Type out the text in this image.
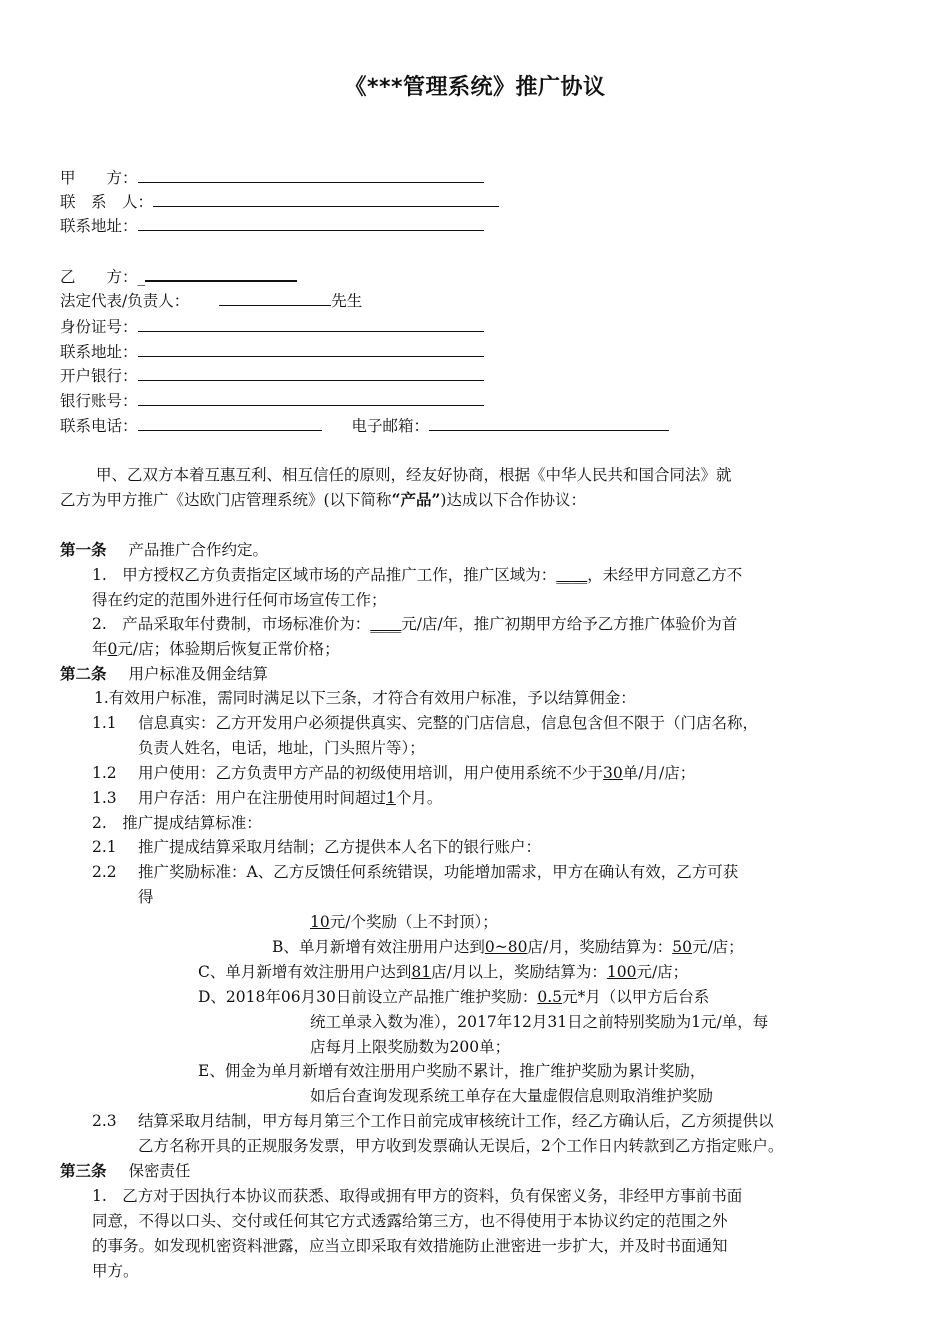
《***管理系统》推广协议
甲　　方：
联　系　人：
联系地址：
乙　　方：_
法定代表/负责人：	先生
身份证号：
联系地址：
开户银行：
银行账号：
联系电话：	电子邮箱：
甲、乙双方本着互惠互利、相互信任的原则，经友好协商，根据《中华人民共和国合同法》就
乙方为甲方推广《达欧门店管理系统》(以下简称“产品”)达成以下合作协议：
第一条 产品推广合作约定。
1.　甲方授权乙方负责指定区域市场的产品推广工作，推广区域为：____，未经甲方同意乙方不
得在约定的范围外进行任何市场宣传工作；
2.　产品采取年付费制，市场标准价为：____元/店/年，推广初期甲方给予乙方推广体验价为首
年0元/店；体验期后恢复正常价格；
第二条 用户标准及佣金结算
1.有效用户标准，需同时满足以下三条，才符合有效用户标准，予以结算佣金：
1.1 信息真实：乙方开发用户必须提供真实、完整的门店信息，信息包含但不限于（门店名称，
负责人姓名，电话，地址，门头照片等）；
1.2 用户使用：乙方负责甲方产品的初级使用培训，用户使用系统不少于30单/月/店；
1.3 用户存活：用户在注册使用时间超过1个月。
2.　推广提成结算标准：
2.1 推广提成结算采取月结制；乙方提供本人名下的银行账户：
2.2 推广奖励标准：A、乙方反馈任何系统错误，功能增加需求，甲方在确认有效，乙方可获
得
10元/个奖励（上不封顶）；
B、单月新增有效注册用户达到0~80店/月，奖励结算为：50元/店；
C、单月新增有效注册用户达到81店/月以上，奖励结算为：100元/店；
D、2018年06月30日前设立产品推广维护奖励：0.5元*月（以甲方后台系
统工单录入数为准），2017年12月31日之前特别奖励为1元/单，每
店每月上限奖励数为200单；
E、佣金为单月新增有效注册用户奖励不累计，推广维护奖励为累计奖励，
如后台查询发现系统工单存在大量虚假信息则取消维护奖励
2.3 结算采取月结制，甲方每月第三个工作日前完成审核统计工作，经乙方确认后，乙方须提供以
乙方名称开具的正规服务发票，甲方收到发票确认无误后，2个工作日内转款到乙方指定账户。
第三条 保密责任
1.　乙方对于因执行本协议而获悉、取得或拥有甲方的资料，负有保密义务，非经甲方事前书面
同意，不得以口头、交付或任何其它方式透露给第三方，也不得使用于本协议约定的范围之外
的事务。如发现机密资料泄露，应当立即采取有效措施防止泄密进一步扩大，并及时书面通知
甲方。
